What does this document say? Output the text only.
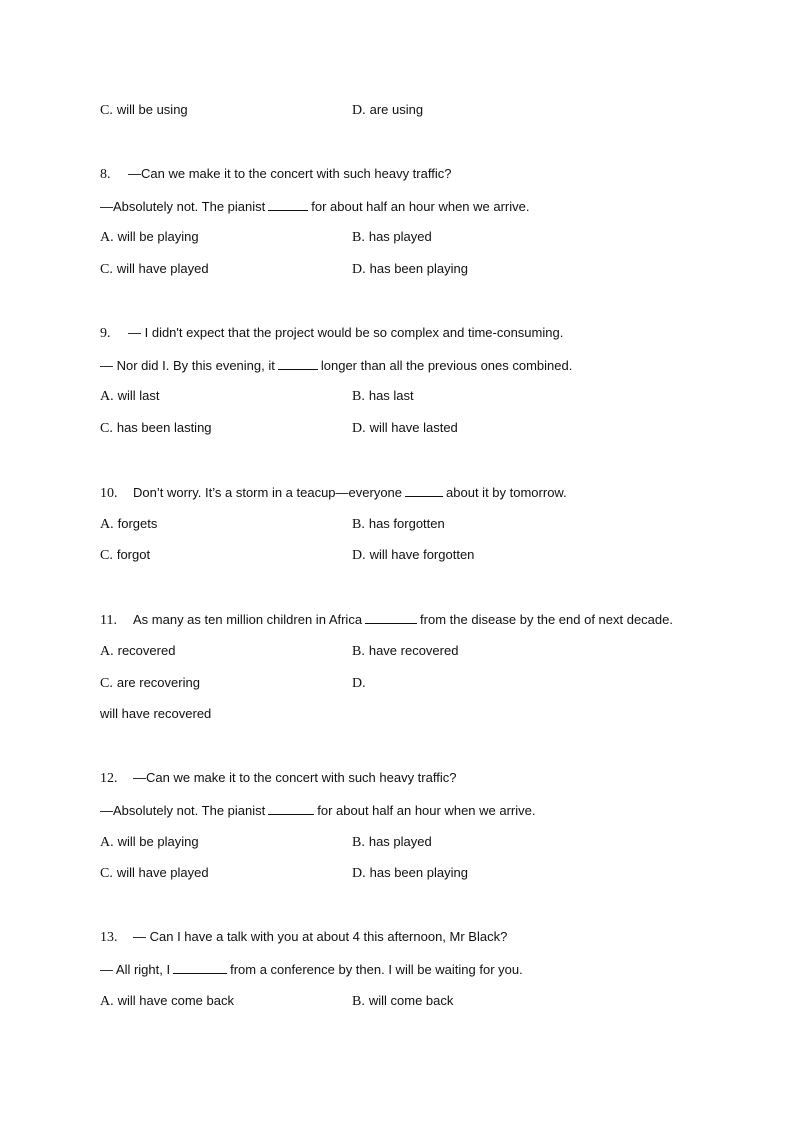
C. will be using	D. are using
8. —Can we make it to the concert with such heavy traffic?
—Absolutely not. The pianist	for about half an hour when we arrive.
A. will be playing	B. has played
C. will have played	D. has been playing
9. — I didn't expect that the project would be so complex and time-consuming.
— Nor did I. By this evening, it	longer than all the previous ones combined.
A. will last	B. has last
C. has been lasting	D. will have lasted
10. Don’t worry. It’s a storm in a teacup—everyone	about it by tomorrow.
A. forgets	B. has forgotten
C. forgot	D. will have forgotten
11. As many as ten million children in Africa	from the disease by the end of next decade.
A. recovered	B. have recovered
C. are recovering	D.
will have recovered
12. —Can we make it to the concert with such heavy traffic?
—Absolutely not. The pianist	for about half an hour when we arrive.
A. will be playing	B. has played
C. will have played	D. has been playing
13. — Can I have a talk with you at about 4 this afternoon, Mr Black?
— All right, I	from a conference by then. I will be waiting for you.
A. will have come back	B. will come back
